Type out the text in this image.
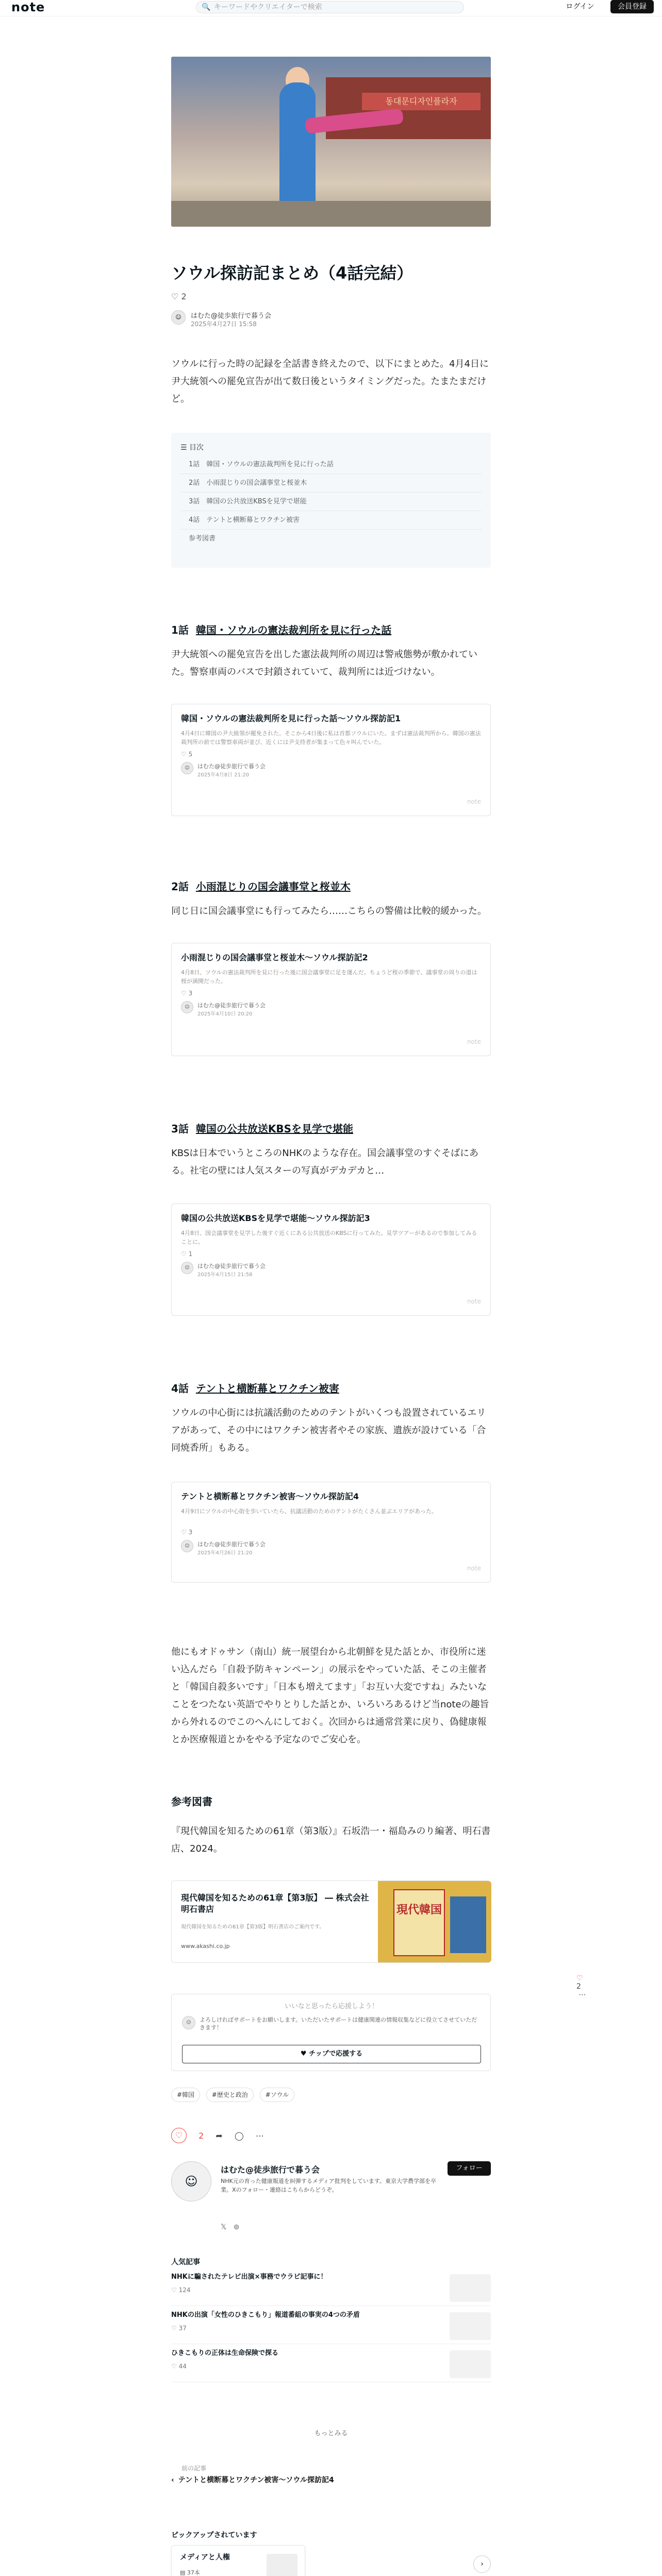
note	🔍 キーワードやクリエイターで検索	ログイン	会員登録
동대문디자인플라자
ソウル探訪記まとめ（4話完結）
♡ 2
☺	はむた@徒歩旅行で暮う会
2025年4月27日 15:58

ソウルに行った時の記録を全話書き終えたので、以下にまとめた。4月4日に尹大統領への罷免宣告が出て数日後というタイミングだった。たまたまだけど。

☰ 目次
1話　韓国・ソウルの憲法裁判所を見に行った話
2話　小雨混じりの国会議事堂と桜並木
3話　韓国の公共放送KBSを見学で堪能
4話　テントと横断幕とワクチン被害
参考図書
1話 韓国・ソウルの憲法裁判所を見に行った話

尹大統領への罷免宣告を出した憲法裁判所の周辺は警戒態勢が敷かれていた。警察車両のバスで封鎖されていて、裁判所には近づけない。

韓国・ソウルの憲法裁判所を見に行った話〜ソウル探訪記1
4月4日に韓国の尹大統領が罷免された。そこから4日後に私は首都ソウルにいた。まずは憲法裁判所から。韓国の憲法裁判所の前では警察車両が並び、近くには尹支持者が集まって色々叫んでいた。
♡ 5
☺	はむた@徒歩旅行で暮う会
2025年4月8日 21:20
note
2話 小雨混じりの国会議事堂と桜並木

同じ日に国会議事堂にも行ってみたら……こちらの警備は比較的緩かった。

小雨混じりの国会議事堂と桜並木〜ソウル探訪記2
4月8日、ソウルの憲法裁判所を見に行った後に国会議事堂に足を運んだ。ちょうど桜の季節で、議事堂の周りの道は桜が満開だった。
♡ 3
☺	はむた@徒歩旅行で暮う会
2025年4月10日 20:20
note
3話 韓国の公共放送KBSを見学で堪能

KBSは日本でいうところのNHKのような存在。国会議事堂のすぐそばにある。社宅の壁には人気スターの写真がデカデカと…

韓国の公共放送KBSを見学で堪能〜ソウル探訪記3
4月8日、国会議事堂を見学した後すぐ近くにある公共放送のKBSに行ってみた。見学ツアーがあるので参加してみることに。
♡ 1
☺	はむた@徒歩旅行で暮う会
2025年4月15日 21:58
note
4話 テントと横断幕とワクチン被害

ソウルの中心街には抗議活動のためのテントがいくつも設置されているエリアがあって、その中にはワクチン被害者やその家族、遺族が設けている「合同焼香所」もある。

テントと横断幕とワクチン被害〜ソウル探訪記4
4月9日にソウルの中心街を歩いていたら、抗議活動のためのテントがたくさん並ぶエリアがあった。
♡ 3
☺	はむた@徒歩旅行で暮う会
2025年4月26日 21:20
note

他にもオドゥサン（南山）統一展望台から北朝鮮を見た話とか、市役所に迷い込んだら「自殺予防キャンペーン」の展示をやっていた話、そこの主催者と「韓国自殺多いです」「日本も増えてます」「お互い大変ですね」みたいなことをつたない英語でやりとりした話とか、いろいろあるけど当noteの趣旨から外れるのでこのへんにしておく。次回からは通常営業に戻り、偽健康報とか医療報道とかをやる予定なのでご安心を。

参考図書

『現代韓国を知るための61章（第3版）』石坂浩一・福島みのり編著、明石書店、2024。

現代韓国を知るための61章【第3版】 ― 株式会社明石書店
現代韓国を知るための61章【第3版】明石書店のご案内です。
www.akashi.co.jp
現代韓国
いいなと思ったら応援しよう！
☺	よろしければサポートをお願いします。いただいたサポートは健康関連の情報収集などに役立てさせていただきます！
♥ チップで応援する
#韓国	#歴史と政治	#ソウル
♡ 2 ➦ ◯ ⋯
☺
はむた@徒歩旅行で暮う会
NHK元の育った健康報道を糾弾するメディア批判をしています。東京大学農学部を卒業。Xのフォロー・連絡はこちらからどうぞ。
𝕏 ⊚
フォロー
人気記事
NHKに騙されたテレビ出演×事務でウラビ記事に！
♡ 124
NHKの出演「女性のひきこもり」報道番組の事実の4つの矛盾
♡ 37
ひきこもりの正体は生命保険で探る
♡ 44
もっとみる
前の記事
‹ テントと横断幕とワクチン被害〜ソウル探訪記4
ピックアップされています
メディアと人権
▤ 37本
›
♡ 2  ⋯
